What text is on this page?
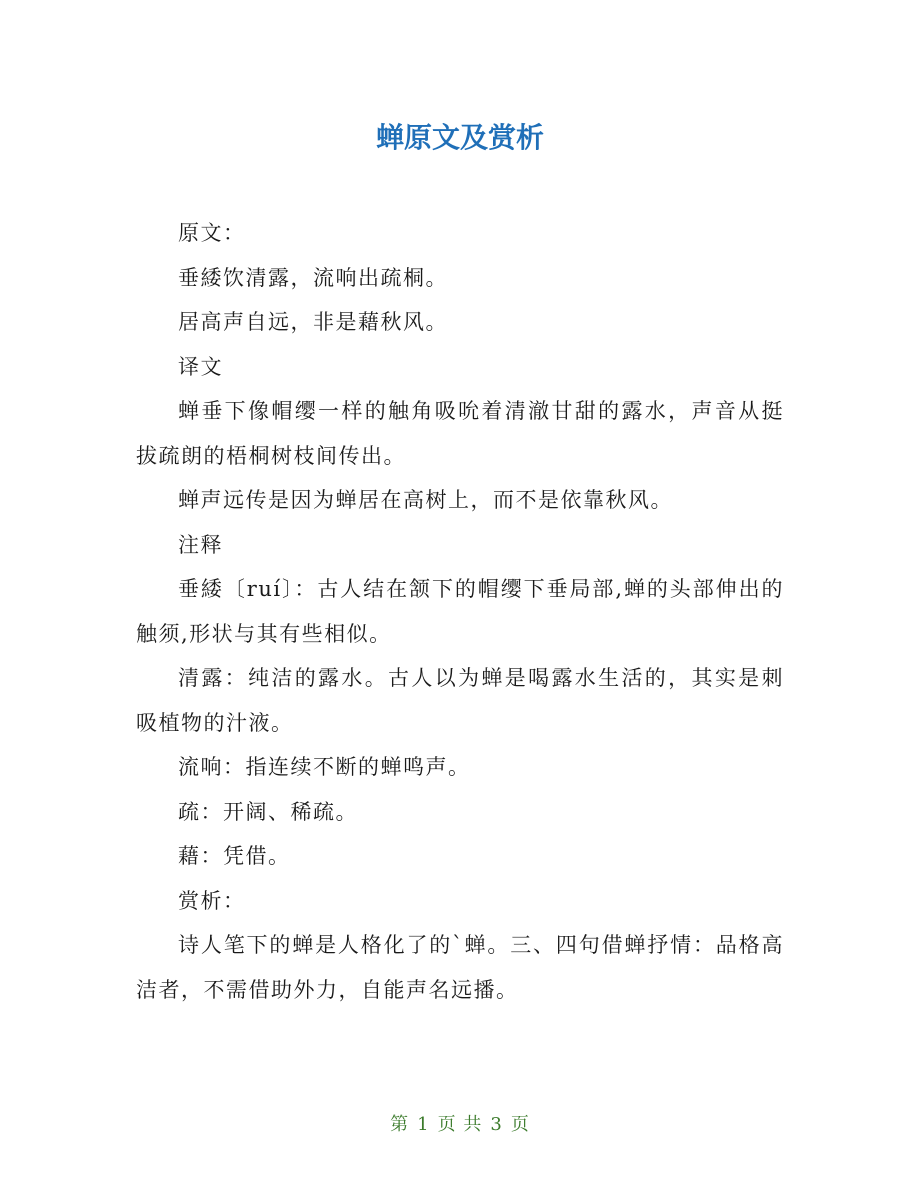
蝉原文及赏析

原文：

垂緌饮清露，流响出疏桐。

居高声自远，非是藉秋风。

译文

蝉垂下像帽缨一样的触角吸吮着清澈甘甜的露水，声音从挺拔疏朗的梧桐树枝间传出。

蝉声远传是因为蝉居在高树上，而不是依靠秋风。

注释

垂緌〔ruí〕：古人结在颔下的帽缨下垂局部,蝉的头部伸出的触须,形状与其有些相似。

清露：纯洁的露水。古人以为蝉是喝露水生活的，其实是刺吸植物的汁液。

流响：指连续不断的蝉鸣声。

疏：开阔、稀疏。

藉：凭借。

赏析：

诗人笔下的蝉是人格化了的`蝉。三、四句借蝉抒情：品格高洁者，不需借助外力，自能声名远播。

第 1 页 共 3 页
